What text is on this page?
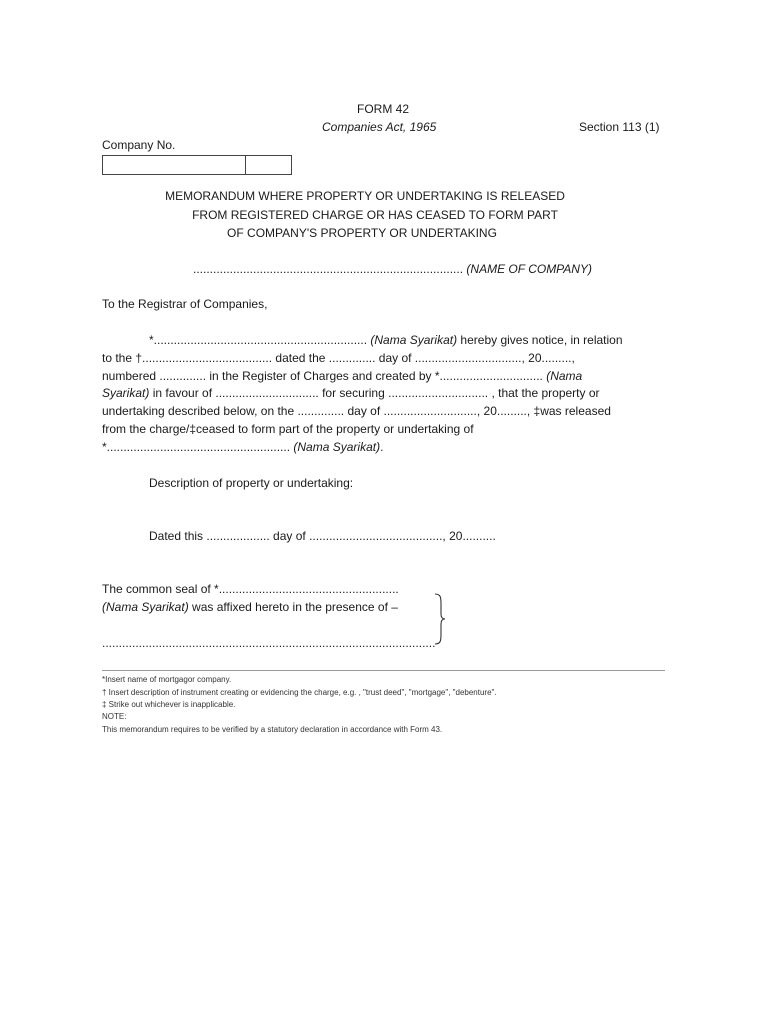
FORM 42
Companies Act, 1965	Section 113 (1)
Company No.
MEMORANDUM WHERE PROPERTY OR UNDERTAKING IS RELEASED
FROM REGISTERED CHARGE OR HAS CEASED TO FORM PART
OF COMPANY'S PROPERTY OR UNDERTAKING
................................................................................. (NAME OF COMPANY)
To the Registrar of Companies,
*................................................................ (Nama Syarikat) hereby gives notice, in relation
to the †....................................... dated the .............. day of ................................, 20.........,
numbered .............. in the Register of Charges and created by *............................... (Nama
Syarikat) in favour of ............................... for securing .............................. , that the property or
undertaking described below, on the .............. day of ............................, 20........., ‡was released
from the charge/‡ceased to form part of the property or undertaking of
*....................................................... (Nama Syarikat).
Description of property or undertaking:
Dated this ................... day of ........................................, 20..........
The common seal of *......................................................
(Nama Syarikat) was affixed hereto in the presence of –
....................................................................................................
*Insert name of mortgagor company.
† Insert description of instrument creating or evidencing the charge, e.g. , "trust deed", "mortgage", "debenture".
‡ Strike out whichever is inapplicable.
NOTE:
This memorandum requires to be verified by a statutory declaration in accordance with Form 43.
